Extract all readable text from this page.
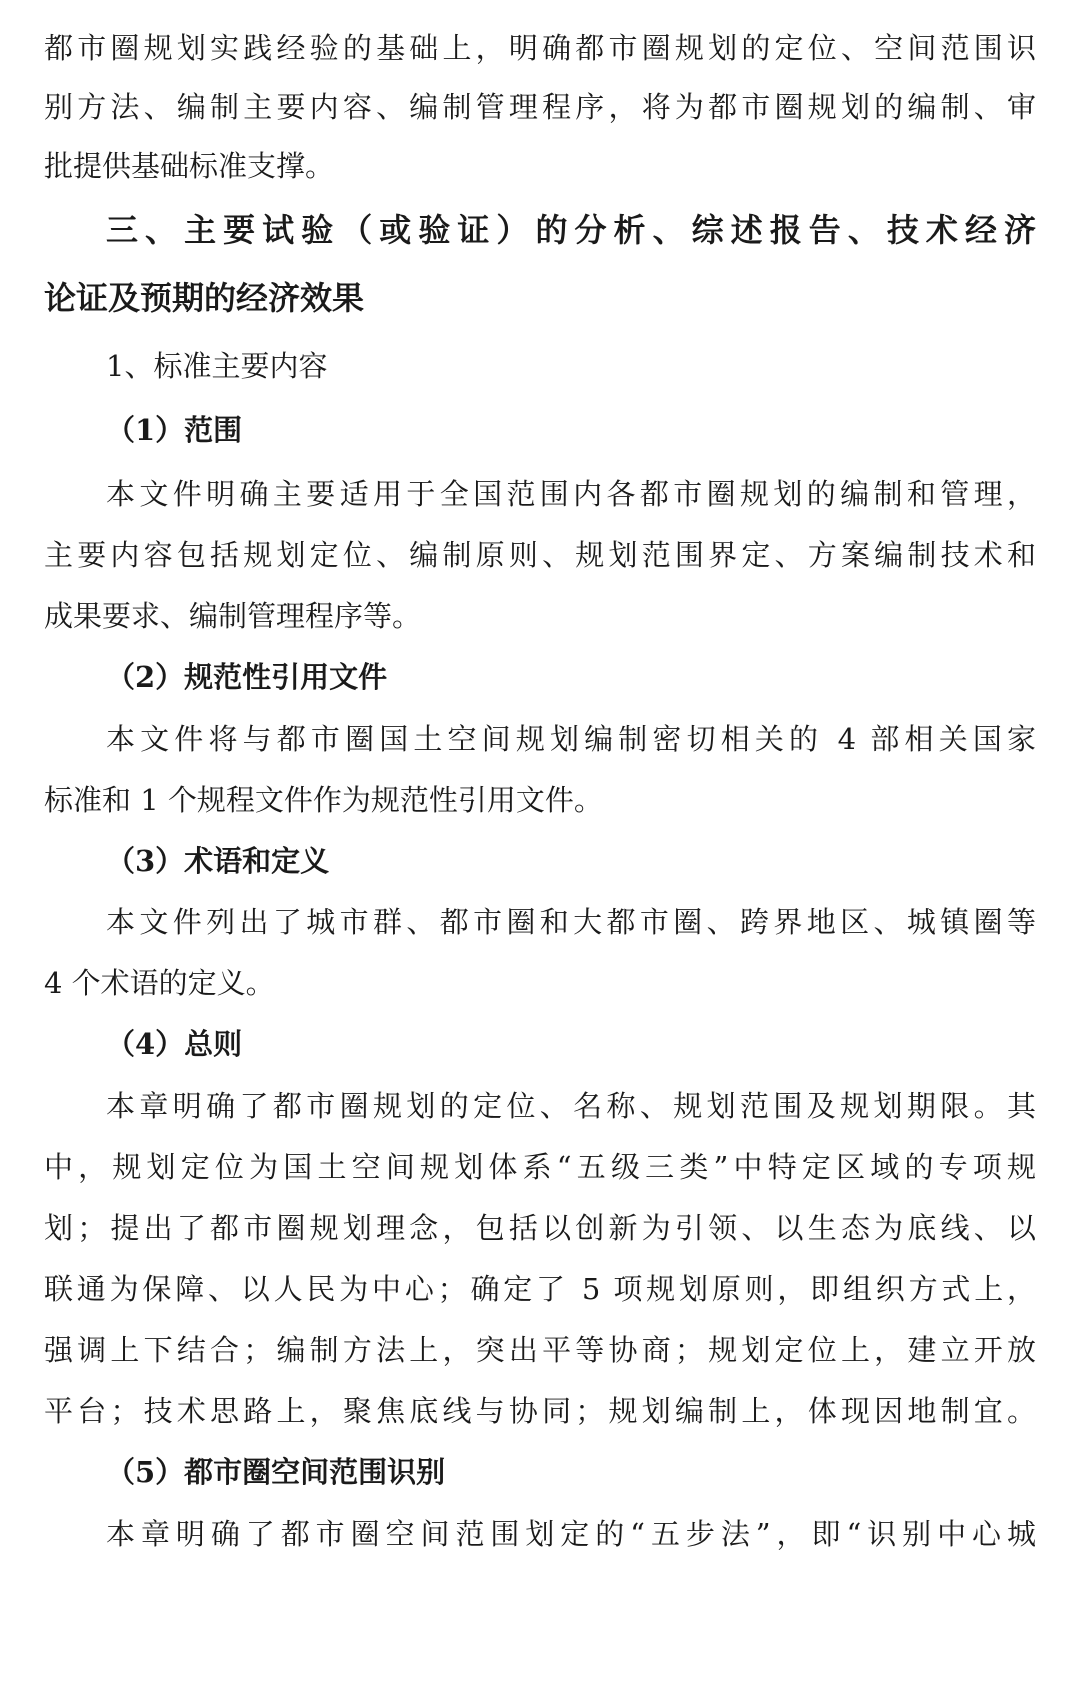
都市圈规划实践经验的基础上，明确都市圈规划的定位、空间范围识
别方法、编制主要内容、编制管理程序，将为都市圈规划的编制、审
批提供基础标准支撑。
三、主要试验（或验证）的分析、综述报告、技术经济
论证及预期的经济效果
1、标准主要内容
（1）范围
本文件明确主要适用于全国范围内各都市圈规划的编制和管理，
主要内容包括规划定位、编制原则、规划范围界定、方案编制技术和
成果要求、编制管理程序等。
（2）规范性引用文件
本文件将与都市圈国土空间规划编制密切相关的 4 部相关国家
标准和 1 个规程文件作为规范性引用文件。
（3）术语和定义
本文件列出了城市群、都市圈和大都市圈、跨界地区、城镇圈等
4 个术语的定义。
（4）总则
本章明确了都市圈规划的定位、名称、规划范围及规划期限。其
中，规划定位为国土空间规划体系“五级三类”中特定区域的专项规
划；提出了都市圈规划理念，包括以创新为引领、以生态为底线、以
联通为保障、以人民为中心；确定了 5 项规划原则，即组织方式上，
强调上下结合；编制方法上，突出平等协商；规划定位上，建立开放
平台；技术思路上，聚焦底线与协同；规划编制上，体现因地制宜。
（5）都市圈空间范围识别
本章明确了都市圈空间范围划定的“五步法”，即“识别中心城
